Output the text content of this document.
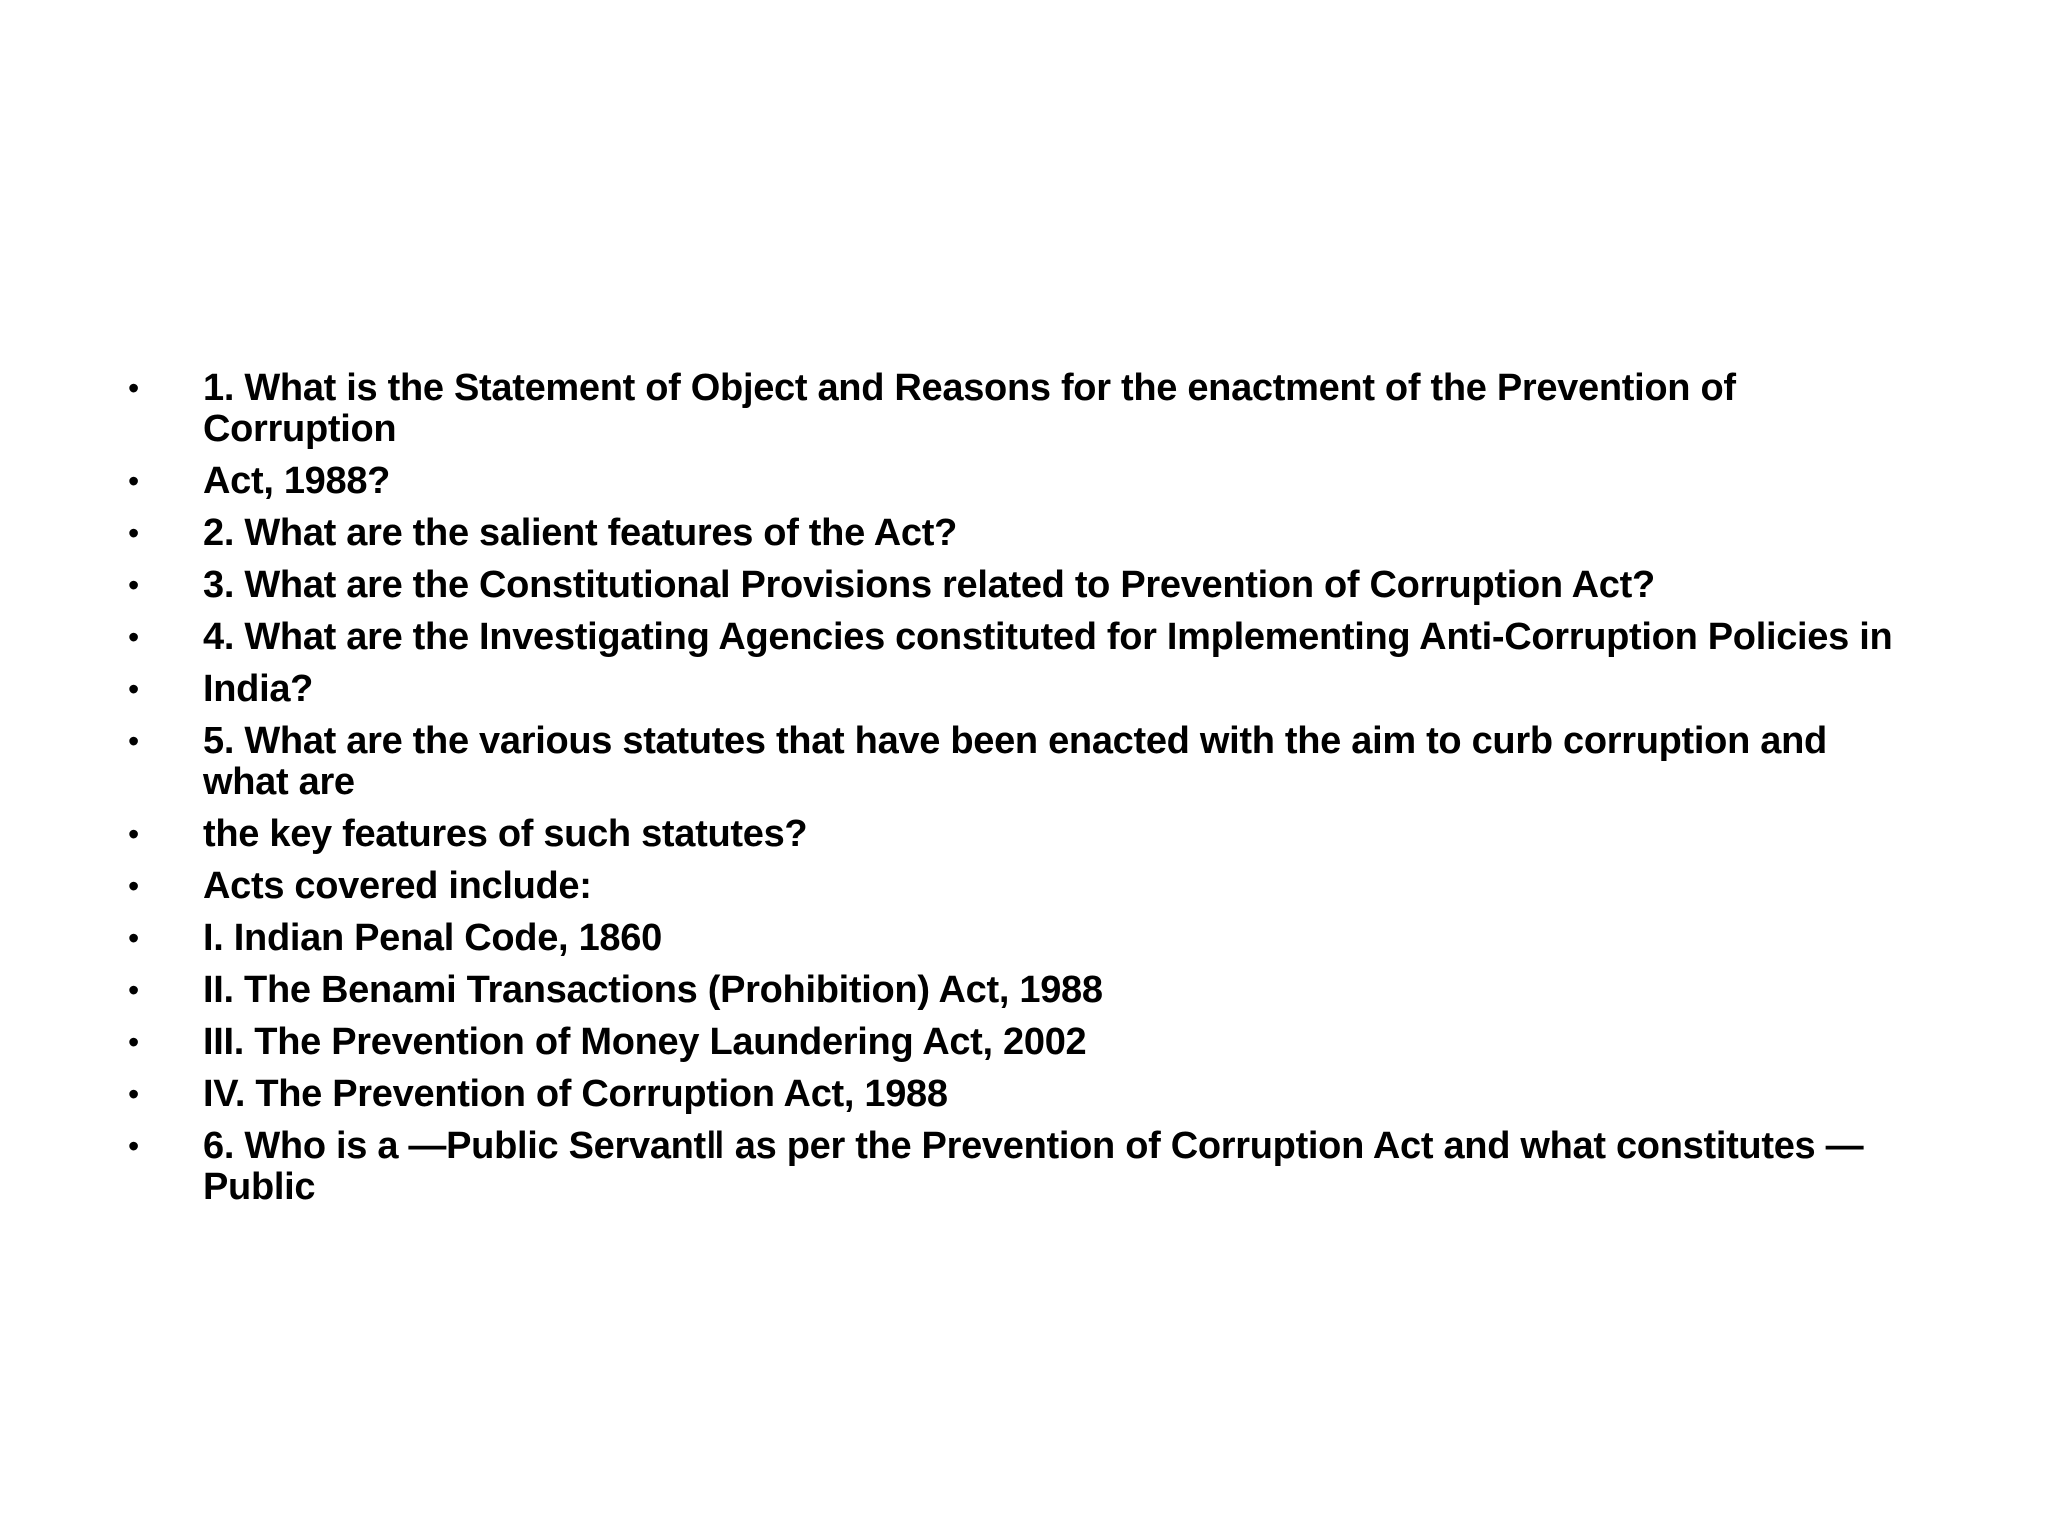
• 1. What is the Statement of Object and Reasons for the enactment of the Prevention of Corruption
• Act, 1988?
• 2. What are the salient features of the Act?
• 3. What are the Constitutional Provisions related to Prevention of Corruption Act?
• 4. What are the Investigating Agencies constituted for Implementing Anti-Corruption Policies in
• India?
• 5. What are the various statutes that have been enacted with the aim to curb corruption and what are
• the key features of such statutes?
• Acts covered include:
• I. Indian Penal Code, 1860
• II. The Benami Transactions (Prohibition) Act, 1988
• III. The Prevention of Money Laundering Act, 2002
• IV. The Prevention of Corruption Act, 1988
• 6. Who is a —Public Servant‖ as per the Prevention of Corruption Act and what constitutes —Public
